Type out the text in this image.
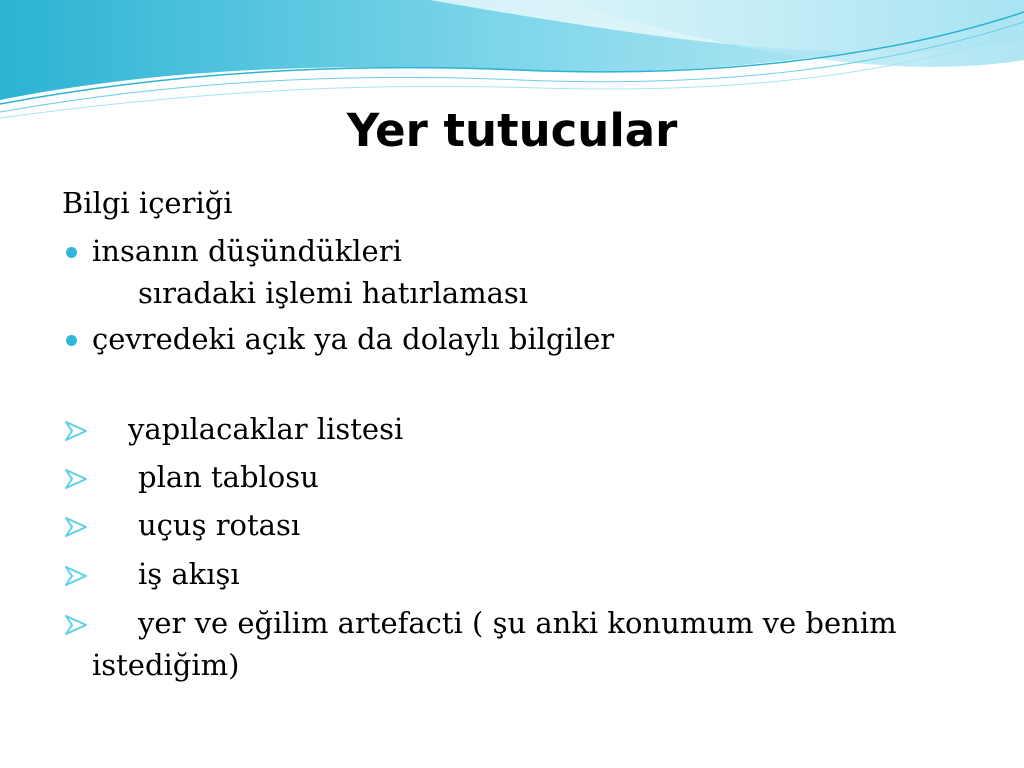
Yer tutucular
Bilgi içeriği
insanın düşündükleri
sıradaki işlemi hatırlaması
çevredeki açık ya da dolaylı bilgiler
yapılacaklar listesi
plan tablosu
uçuş rotası
iş akışı
yer ve eğilim artefacti ( şu anki konumum ve benim
istediğim)
